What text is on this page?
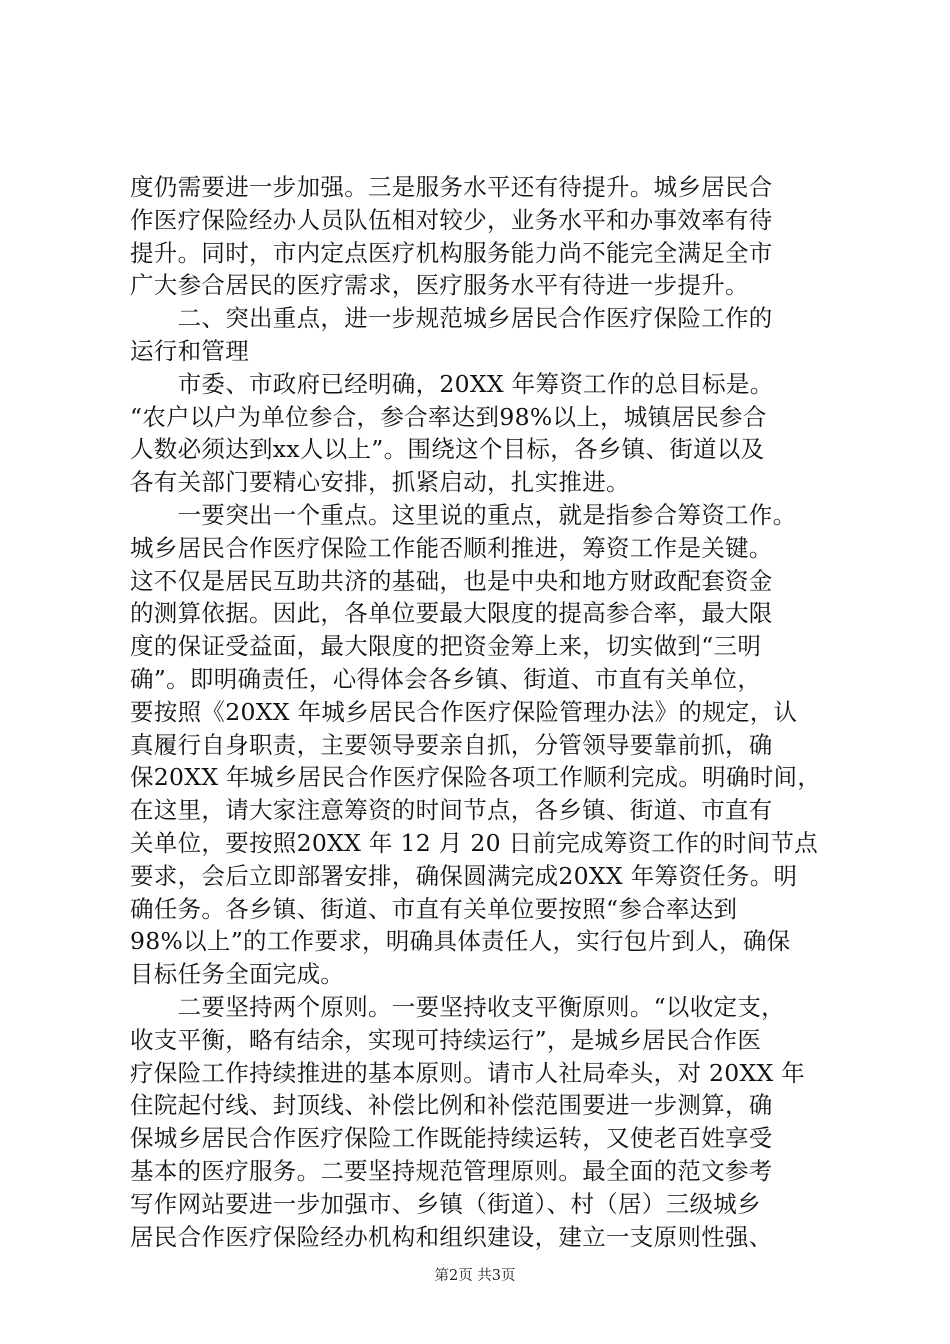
度仍需要进一步加强。三是服务水平还有待提升。城乡居民合
作医疗保险经办人员队伍相对较少，业务水平和办事效率有待
提升。同时，市内定点医疗机构服务能力尚不能完全满足全市
广大参合居民的医疗需求，医疗服务水平有待进一步提升。
　　二、突出重点，进一步规范城乡居民合作医疗保险工作的
运行和管理
　　市委、市政府已经明确，20XX 年筹资工作的总目标是。
“农户以户为单位参合，参合率达到98%以上，城镇居民参合
人数必须达到xx人以上”。围绕这个目标，各乡镇、街道以及
各有关部门要精心安排，抓紧启动，扎实推进。
　　一要突出一个重点。这里说的重点，就是指参合筹资工作。
城乡居民合作医疗保险工作能否顺利推进，筹资工作是关键。
这不仅是居民互助共济的基础，也是中央和地方财政配套资金
的测算依据。因此，各单位要最大限度的提高参合率，最大限
度的保证受益面，最大限度的把资金筹上来，切实做到“三明
确”。即明确责任，心得体会各乡镇、街道、市直有关单位，
要按照《20XX 年城乡居民合作医疗保险管理办法》的规定，认
真履行自身职责，主要领导要亲自抓，分管领导要靠前抓，确
保20XX 年城乡居民合作医疗保险各项工作顺利完成。明确时间，
在这里，请大家注意筹资的时间节点，各乡镇、街道、市直有
关单位，要按照20XX 年 12 月 20 日前完成筹资工作的时间节点
要求，会后立即部署安排，确保圆满完成20XX 年筹资任务。明
确任务。各乡镇、街道、市直有关单位要按照“参合率达到
98%以上”的工作要求，明确具体责任人，实行包片到人，确保
目标任务全面完成。
　　二要坚持两个原则。一要坚持收支平衡原则。“以收定支，
收支平衡，略有结余，实现可持续运行”，是城乡居民合作医
疗保险工作持续推进的基本原则。请市人社局牵头，对 20XX 年
住院起付线、封顶线、补偿比例和补偿范围要进一步测算，确
保城乡居民合作医疗保险工作既能持续运转，又使老百姓享受
基本的医疗服务。二要坚持规范管理原则。最全面的范文参考
写作网站要进一步加强市、乡镇（街道）、村（居）三级城乡
居民合作医疗保险经办机构和组织建设，建立一支原则性强、
第2页 共3页
